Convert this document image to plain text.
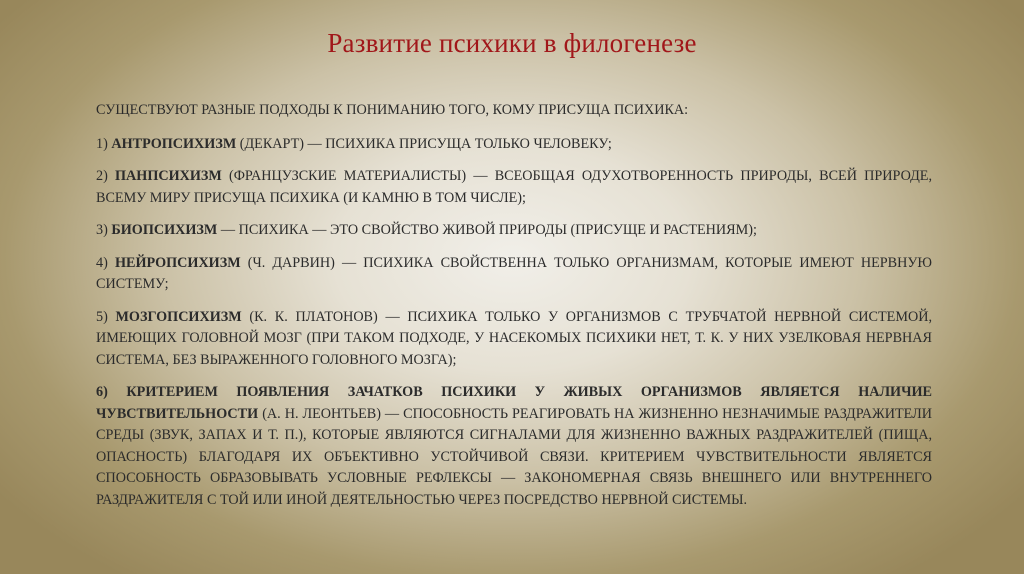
Развитие психики в филогенезе

СУЩЕСТВУЮТ РАЗНЫЕ ПОДХОДЫ К ПОНИМАНИЮ ТОГО, КОМУ ПРИСУЩА ПСИХИКА:

1) АНТРОПСИХИЗМ (ДЕКАРТ) — ПСИХИКА ПРИСУЩА ТОЛЬКО ЧЕЛОВЕКУ;

2) ПАНПСИХИЗМ (ФРАНЦУЗСКИЕ МАТЕРИАЛИСТЫ) — ВСЕОБЩАЯ ОДУХОТВОРЕННОСТЬ ПРИРОДЫ, ВСЕЙ ПРИРОДЕ, ВСЕМУ МИРУ ПРИСУЩА ПСИХИКА (И КАМНЮ В ТОМ ЧИСЛЕ);

3) БИОПСИХИЗМ — ПСИХИКА — ЭТО СВОЙСТВО ЖИВОЙ ПРИРОДЫ (ПРИСУЩЕ И РАСТЕНИЯМ);

4) НЕЙРОПСИХИЗМ (Ч. ДАРВИН) — ПСИХИКА СВОЙСТВЕННА ТОЛЬКО ОРГАНИЗМАМ, КОТОРЫЕ ИМЕЮТ НЕРВНУЮ СИСТЕМУ;

5) МОЗГОПСИХИЗМ (К. К. ПЛАТОНОВ) — ПСИХИКА ТОЛЬКО У ОРГАНИЗМОВ С ТРУБЧАТОЙ НЕРВНОЙ СИСТЕМОЙ, ИМЕЮЩИХ ГОЛОВНОЙ МОЗГ (ПРИ ТАКОМ ПОДХОДЕ, У НАСЕКОМЫХ ПСИХИКИ НЕТ, Т. К. У НИХ УЗЕЛКОВАЯ НЕРВНАЯ СИСТЕМА, БЕЗ ВЫРАЖЕННОГО ГОЛОВНОГО МОЗГА);

6) КРИТЕРИЕМ ПОЯВЛЕНИЯ ЗАЧАТКОВ ПСИХИКИ У ЖИВЫХ ОРГАНИЗМОВ ЯВЛЯЕТСЯ НАЛИЧИЕ ЧУВСТВИТЕЛЬНОСТИ (А. Н. ЛЕОНТЬЕВ) — СПОСОБНОСТЬ РЕАГИРОВАТЬ НА ЖИЗНЕННО НЕЗНАЧИМЫЕ РАЗДРАЖИТЕЛИ СРЕДЫ (ЗВУК, ЗАПАХ И Т. П.), КОТОРЫЕ ЯВЛЯЮТСЯ СИГНАЛАМИ ДЛЯ ЖИЗНЕННО ВАЖНЫХ РАЗДРАЖИТЕЛЕЙ (ПИЩА, ОПАСНОСТЬ) БЛАГОДАРЯ ИХ ОБЪЕКТИВНО УСТОЙЧИВОЙ СВЯЗИ. КРИТЕРИЕМ ЧУВСТВИТЕЛЬНОСТИ ЯВЛЯЕТСЯ СПОСОБНОСТЬ ОБРАЗОВЫВАТЬ УСЛОВНЫЕ РЕФЛЕКСЫ — ЗАКОНОМЕРНАЯ СВЯЗЬ ВНЕШНЕГО ИЛИ ВНУТРЕННЕГО РАЗДРАЖИТЕЛЯ С ТОЙ ИЛИ ИНОЙ ДЕЯТЕЛЬНОСТЬЮ ЧЕРЕЗ ПОСРЕДСТВО НЕРВНОЙ СИСТЕМЫ.
